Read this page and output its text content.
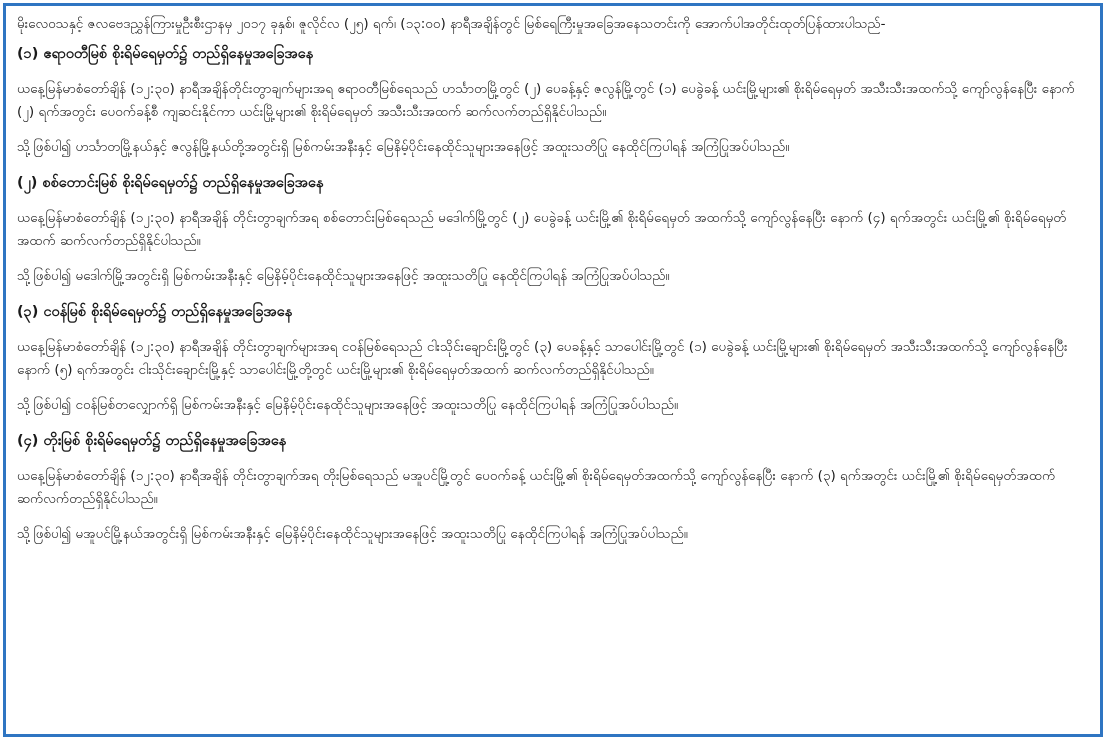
မိုးလေဝသနှင့် ဇလဗေဒညွှန်ကြားမှုဦးစီးဌာနမှ ၂၀၁၇ ခုနှစ်၊ ဇူလိုင်လ (၂၅) ရက်၊ (၁၃:၀၀) နာရီအချိန်တွင် မြစ်ရေကြီးမှုအခြေအနေသတင်းကို အောက်ပါအတိုင်းထုတ်ပြန်ထားပါသည်-

(၁) ဧရာဝတီမြစ် စိုးရိမ်ရေမှတ်၌ တည်ရှိနေမှုအခြေအနေ

ယနေ့မြန်မာစံတော်ချိန် (၁၂:၃၀) နာရီအချိန်တိုင်းတွာချက်များအရ ဧရာဝတီမြစ်ရေသည် ဟင်္သာတမြို့တွင် (၂) ပေခန့်နှင့် ဇလွန်မြို့တွင် (၁) ပေခွဲခန့် ယင်းမြို့များ၏ စိုးရိမ်ရေမှတ် အသီးသီးအထက်သို့ ကျော်လွန်နေပြီး နောက် (၂) ရက်အတွင်း ပေ၀က်ခန့်စီ ကျဆင်းနိုင်ကာ ယင်းမြို့များ၏ စိုးရိမ်ရေမှတ် အသီးသီးအထက် ဆက်လက်တည်ရှိနိုင်ပါသည်။

သို့ဖြစ်ပါ၍ ဟင်္သာတမြို့နယ်နှင့် ဇလွန်မြို့နယ်တို့အတွင်းရှိ မြစ်ကမ်းအနီးနှင့် မြေနိမ့်ပိုင်းနေထိုင်သူများအနေဖြင့် အထူးသတိပြု နေထိုင်ကြပါရန် အကြံပြုအပ်ပါသည်။

(၂) စစ်တောင်းမြစ် စိုးရိမ်ရေမှတ်၌ တည်ရှိနေမှုအခြေအနေ

ယနေ့မြန်မာစံတော်ချိန် (၁၂:၃၀) နာရီအချိန် တိုင်းတွာချက်အရ စစ်တောင်းမြစ်ရေသည် မဒေါက်မြို့တွင် (၂) ပေခွဲခန့် ယင်းမြို့၏ စိုးရိမ်ရေမှတ် အထက်သို့ ကျော်လွန်နေပြီး နောက် (၄) ရက်အတွင်း ယင်းမြို့၏ စိုးရိမ်ရေမှတ်အထက် ဆက်လက်တည်ရှိနိုင်ပါသည်။

သို့ဖြစ်ပါ၍ မဒေါက်မြို့အတွင်းရှိ မြစ်ကမ်းအနီးနှင့် မြေနိမ့်ပိုင်းနေထိုင်သူများအနေဖြင့် အထူးသတိပြု နေထိုင်ကြပါရန် အကြံပြုအပ်ပါသည်။

(၃) ငဝန်မြစ် စိုးရိမ်ရေမှတ်၌ တည်ရှိနေမှုအခြေအနေ

ယနေ့မြန်မာစံတော်ချိန် (၁၂:၃၀) နာရီအချိန် တိုင်းတွာချက်များအရ ငဝန်မြစ်ရေသည် ငါးသိုင်းချောင်းမြို့တွင် (၃) ပေခန့်နှင့် သာပေါင်းမြို့တွင် (၁) ပေခွဲခန့် ယင်းမြို့များ၏ စိုးရိမ်ရေမှတ် အသီးသီးအထက်သို့ ကျော်လွန်နေပြီး နောက် (၅) ရက်အတွင်း ငါးသိုင်းချောင်းမြို့နှင့် သာပေါင်းမြို့တို့တွင် ယင်းမြို့များ၏ စိုးရိမ်ရေမှတ်အထက် ဆက်လက်တည်ရှိနိုင်ပါသည်။

သို့ဖြစ်ပါ၍ ငဝန်မြစ်တလျှောက်ရှိ မြစ်ကမ်းအနီးနှင့် မြေနိမ့်ပိုင်းနေထိုင်သူများအနေဖြင့် အထူးသတိပြု နေထိုင်ကြပါရန် အကြံပြုအပ်ပါသည်။

(၄) တိုးမြစ် စိုးရိမ်ရေမှတ်၌ တည်ရှိနေမှုအခြေအနေ

ယနေ့မြန်မာစံတော်ချိန် (၁၂:၃၀) နာရီအချိန် တိုင်းတွာချက်အရ တိုးမြစ်ရေသည် မအူပင်မြို့တွင် ပေ၀က်ခန့် ယင်းမြို့၏ စိုးရိမ်ရေမှတ်အထက်သို့ ကျော်လွန်နေပြီး နောက် (၃) ရက်အတွင်း ယင်းမြို့၏ စိုးရိမ်ရေမှတ်အထက် ဆက်လက်တည်ရှိနိုင်ပါသည်။

သို့ဖြစ်ပါ၍ မအူပင်မြို့နယ်အတွင်းရှိ မြစ်ကမ်းအနီးနှင့် မြေနိမ့်ပိုင်းနေထိုင်သူများအနေဖြင့် အထူးသတိပြု နေထိုင်ကြပါရန် အကြံပြုအပ်ပါသည်။
